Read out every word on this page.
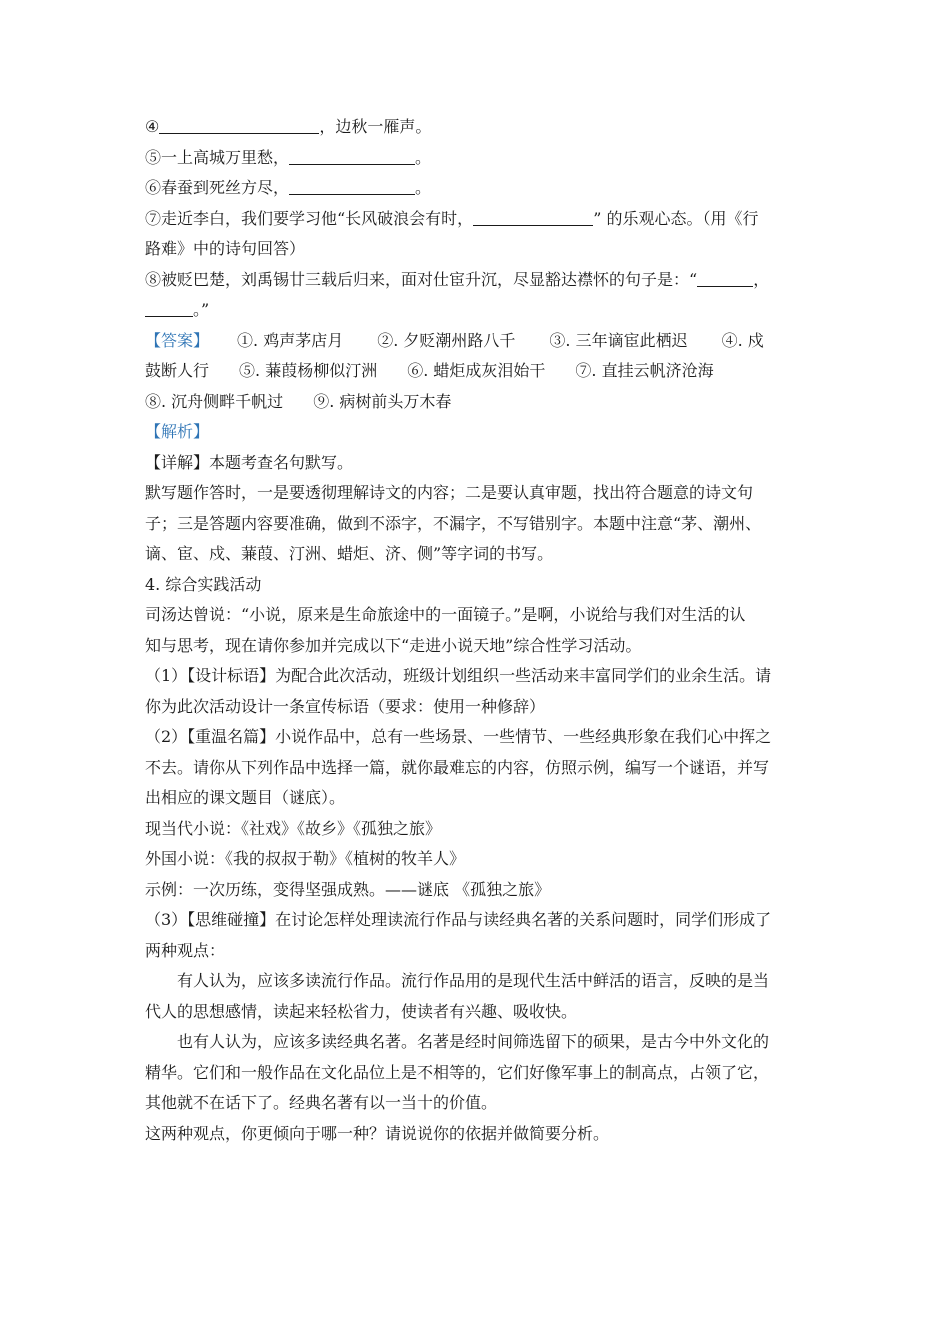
④	，边秋一雁声。
⑤一上高城万里愁，	。
⑥春蚕到死丝方尽，	。
⑦走近李白，我们要学习他“长风破浪会有时，	” 的乐观心态。（用《行
路难》中的诗句回答）
⑧被贬巴楚，刘禹锡廿三载后归来，面对仕宦升沉，尽显豁达襟怀的句子是：“	，
。”
【答案】 ①. 鸡声茅店月 ②. 夕贬潮州路八千 ③. 三年谪宦此栖迟 ④. 戍
鼓断人行 ⑤. 蒹葭杨柳似汀洲 ⑥. 蜡炬成灰泪始干 ⑦. 直挂云帆济沧海
⑧. 沉舟侧畔千帆过 ⑨. 病树前头万木春
【解析】
【详解】本题考查名句默写。
默写题作答时，一是要透彻理解诗文的内容；二是要认真审题，找出符合题意的诗文句
子；三是答题内容要准确，做到不添字，不漏字，不写错别字。本题中注意“茅、潮州、
谪、宦、戍、蒹葭、汀洲、蜡炬、济、侧”等字词的书写。
4. 综合实践活动
司汤达曾说：“小说，原来是生命旅途中的一面镜子。”是啊，小说给与我们对生活的认
知与思考，现在请你参加并完成以下“走进小说天地”综合性学习活动。
（1）【设计标语】为配合此次活动，班级计划组织一些活动来丰富同学们的业余生活。请
你为此次活动设计一条宣传标语（要求：使用一种修辞）
（2）【重温名篇】小说作品中，总有一些场景、一些情节、一些经典形象在我们心中挥之
不去。请你从下列作品中选择一篇，就你最难忘的内容，仿照示例，编写一个谜语，并写
出相应的课文题目（谜底）。
现当代小说：《社戏》《故乡》《孤独之旅》
外国小说：《我的叔叔于勒》《植树的牧羊人》
示例：一次历练，变得坚强成熟。——谜底 《孤独之旅》
（3）【思维碰撞】在讨论怎样处理读流行作品与读经典名著的关系问题时，同学们形成了
两种观点：
有人认为，应该多读流行作品。流行作品用的是现代生活中鲜活的语言，反映的是当
代人的思想感情，读起来轻松省力，使读者有兴趣、吸收快。
也有人认为，应该多读经典名著。名著是经时间筛选留下的硕果，是古今中外文化的
精华。它们和一般作品在文化品位上是不相等的，它们好像军事上的制高点，占领了它，
其他就不在话下了。经典名著有以一当十的价值。
这两种观点，你更倾向于哪一种？请说说你的依据并做简要分析。
